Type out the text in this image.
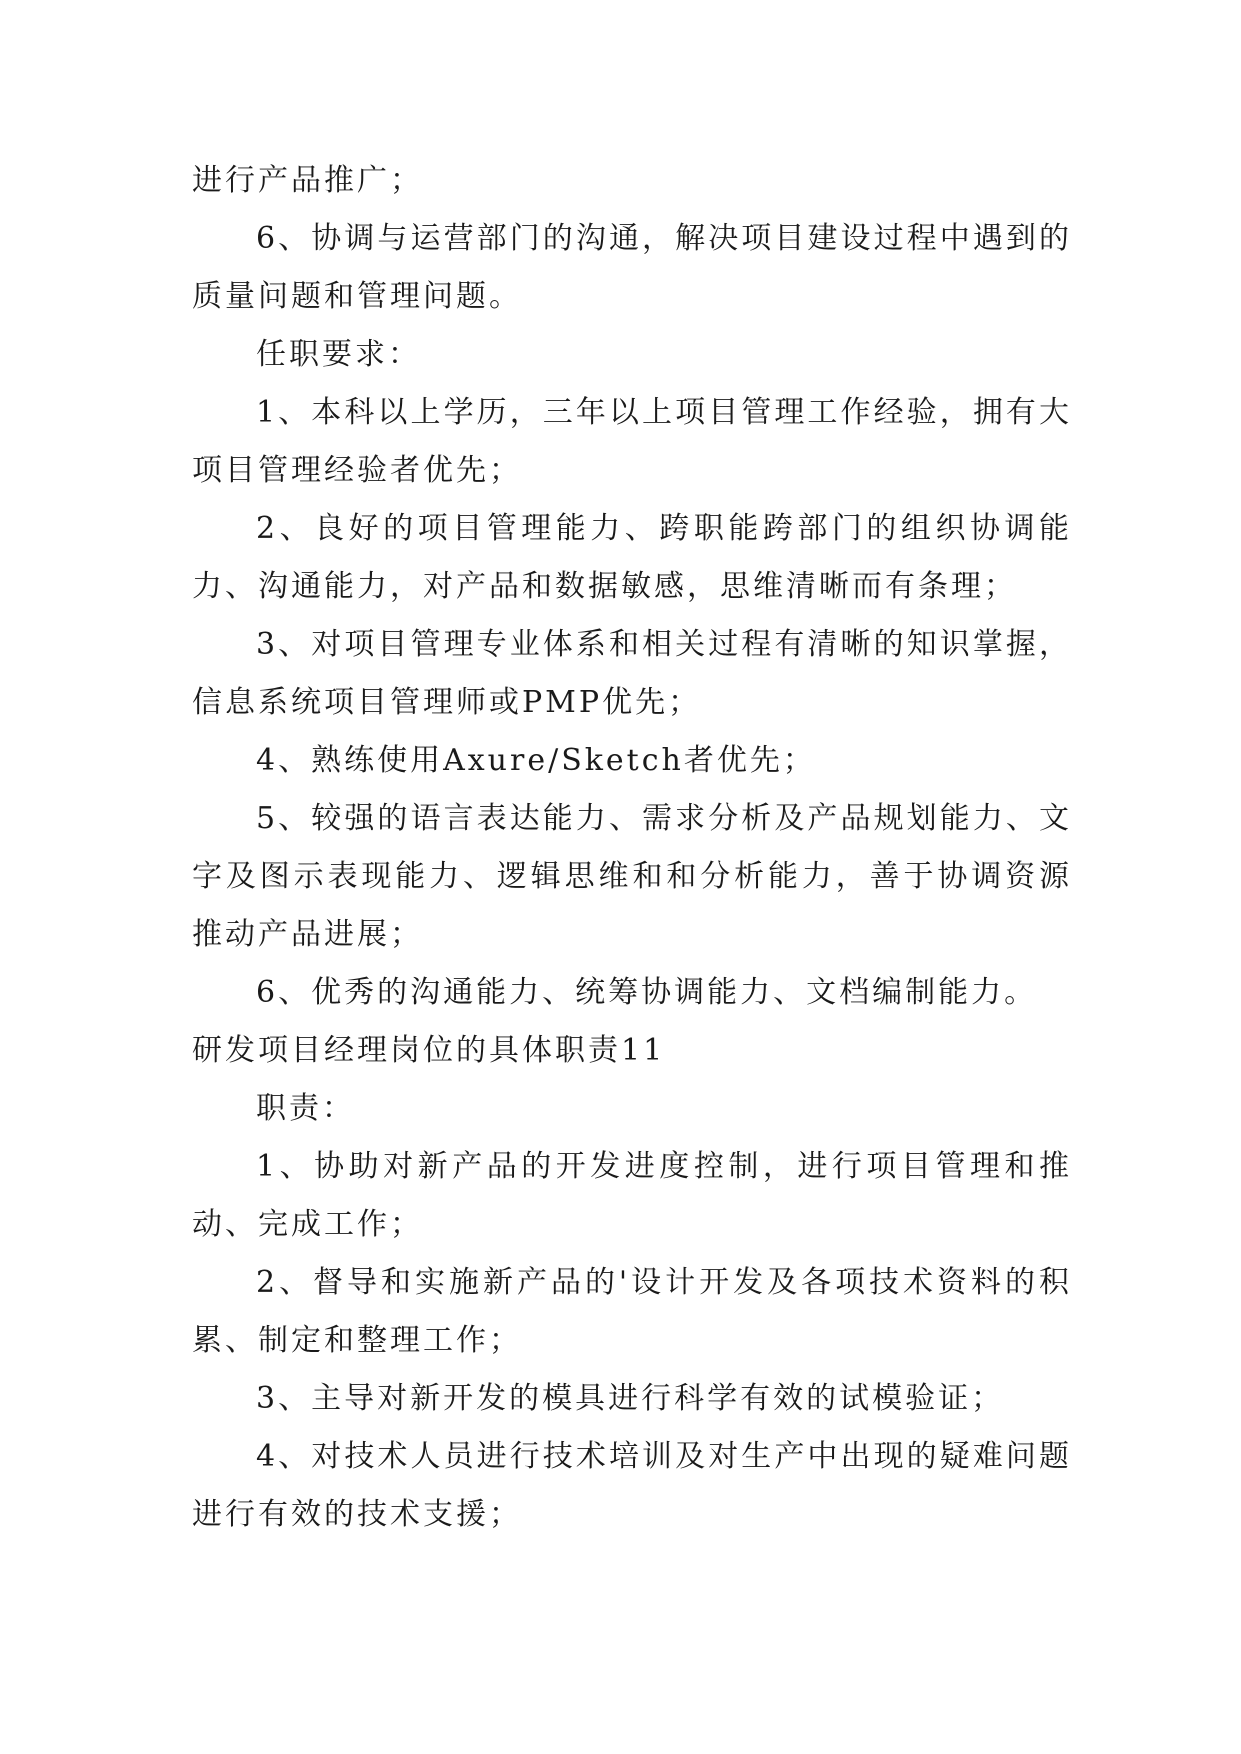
进行产品推广；

6、协调与运营部门的沟通，解决项目建设过程中遇到的质量问题和管理问题。

任职要求：

1、本科以上学历，三年以上项目管理工作经验，拥有大项目管理经验者优先；

2、良好的项目管理能力、跨职能跨部门的组织协调能力、沟通能力，对产品和数据敏感，思维清晰而有条理；

3、对项目管理专业体系和相关过程有清晰的知识掌握，信息系统项目管理师或PMP优先；

4、熟练使用Axure/Sketch者优先；

5、较强的语言表达能力、需求分析及产品规划能力、文字及图示表现能力、逻辑思维和和分析能力，善于协调资源推动产品进展；

6、优秀的沟通能力、统筹协调能力、文档编制能力。

研发项目经理岗位的具体职责11

职责：

1、协助对新产品的开发进度控制，进行项目管理和推动、完成工作；

2、督导和实施新产品的'设计开发及各项技术资料的积累、制定和整理工作；

3、主导对新开发的模具进行科学有效的试模验证；

4、对技术人员进行技术培训及对生产中出现的疑难问题进行有效的技术支援；
